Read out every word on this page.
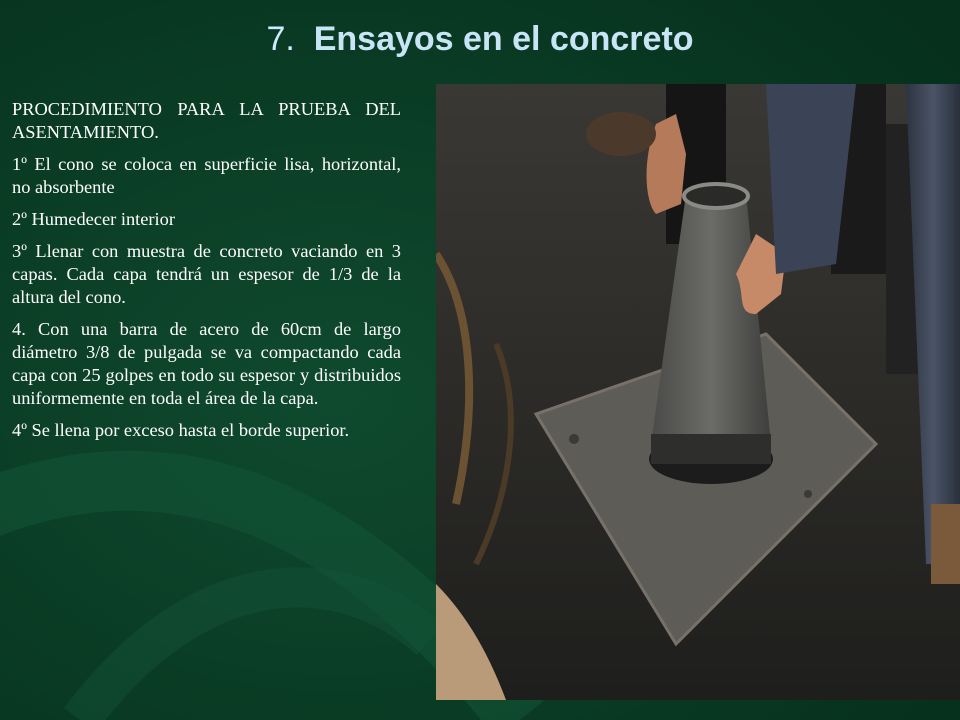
7. Ensayos en el concreto

PROCEDIMIENTO PARA LA PRUEBA DEL ASENTAMIENTO.

1º El cono se coloca en superficie lisa, horizontal, no absorbente

2º Humedecer interior

3º Llenar con muestra de concreto vaciando en 3 capas. Cada capa tendrá un espesor de 1/3 de la altura del cono.

4. Con una barra de acero de 60cm de largo diámetro 3/8 de pulgada se va compactando cada capa con 25 golpes en todo su espesor y distribuidos uniformemente en toda el área de la capa.

4º Se llena por exceso hasta el borde superior.
